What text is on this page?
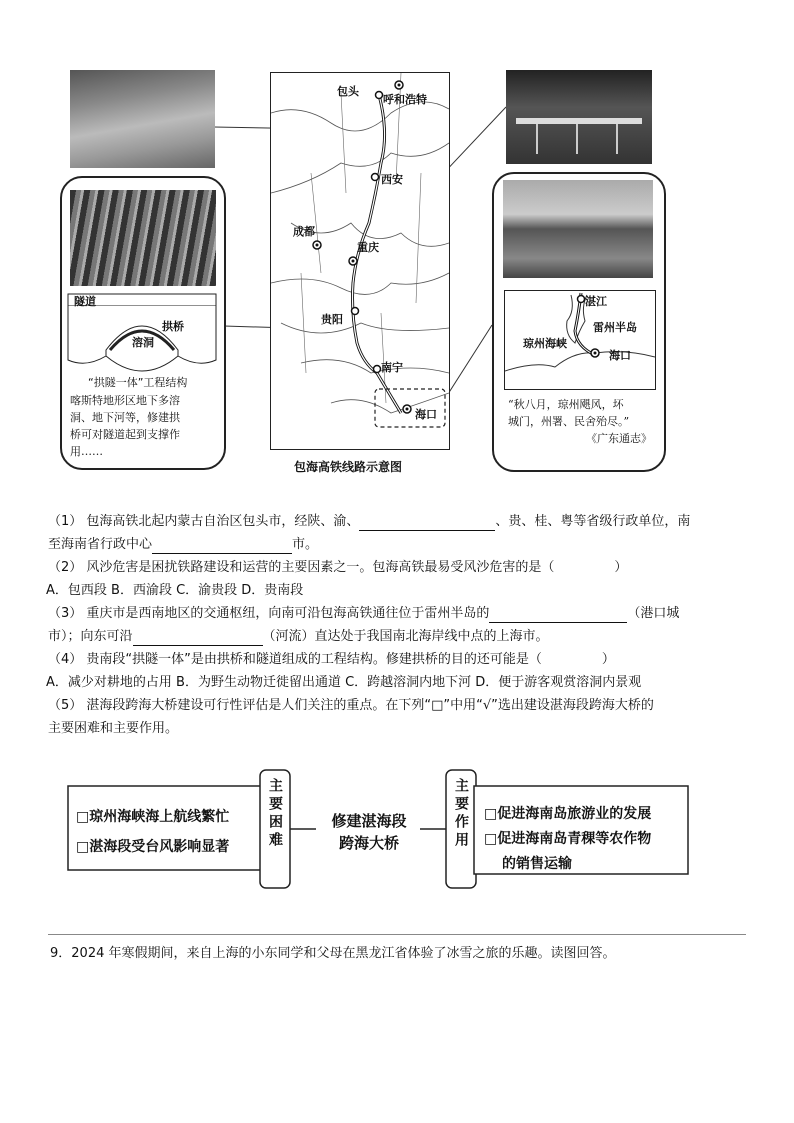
隧道
拱桥
溶洞
“拱隧一体”工程结构
喀斯特地形区地下多溶
洞、地下河等，修建拱
桥可对隧道起到支撑作
用……
包头
呼和浩特
西安
成都
重庆
贵阳
南宁
海口
包海高铁线路示意图
湛江
雷州半岛
琼州海峡
海口
“秋八月，琼州飓风，坏
城门，州署、民舍殆尽。”
《广东通志》
（1） 包海高铁北起内蒙古自治区包头市，经陕、渝、	、贵、桂、粤等省级行政单位，南
至海南省行政中心	市。
（2） 风沙危害是困扰铁路建设和运营的主要因素之一。包海高铁最易受风沙危害的是（	）
A．包西段 B．西渝段 C．渝贵段 D．贵南段
（3） 重庆市是西南地区的交通枢纽，向南可沿包海高铁通往位于雷州半岛的	（港口城
市）；向东可沿	（河流）直达处于我国南北海岸线中点的上海市。
（4） 贵南段“拱隧一体”是由拱桥和隧道组成的工程结构。修建拱桥的目的还可能是（	）
A．减少对耕地的占用 B．为野生动物迁徙留出通道 C．跨越溶洞内地下河 D．便于游客观赏溶洞内景观
（5） 湛海段跨海大桥建设可行性评估是人们关注的重点。在下列“□”中用“√”选出建设湛海段跨海大桥的
主要困难和主要作用。
主要困难	主要作用
修建湛海段
跨海大桥
□琼州海峡海上航线繁忙
□湛海段受台风影响显著
□促进海南岛旅游业的发展
□促进海南岛青稞等农作物
的销售运输
9．2024 年寒假期间，来自上海的小东同学和父母在黑龙江省体验了冰雪之旅的乐趣。读图回答。
